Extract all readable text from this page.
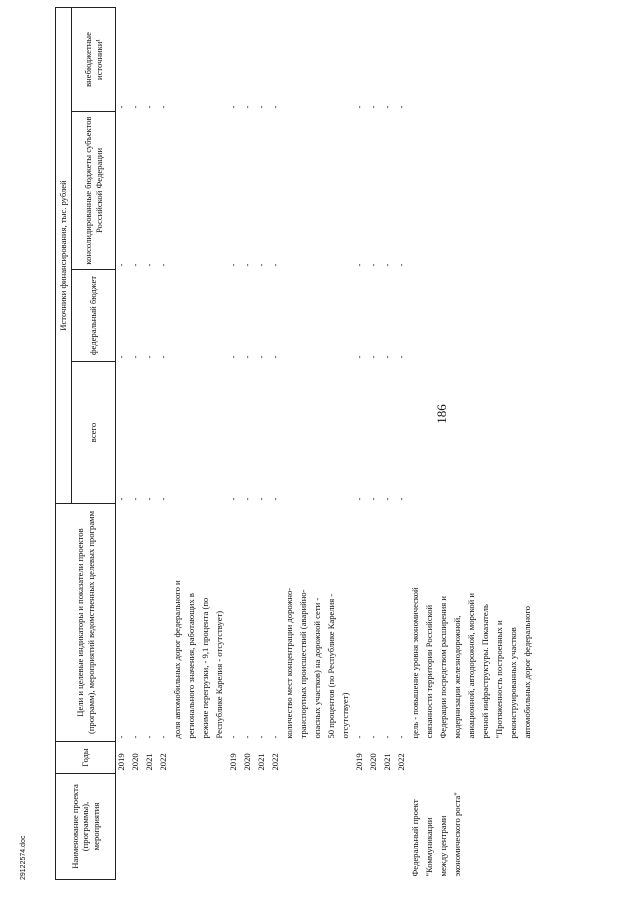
186
Наименование проекта (программы), мероприятия	Годы	Цели и целевые индикаторы и показатели проектов (программ), мероприятий ведомственных целевых программ	Источники финансирования, тыс. рублей			
			всего	федеральный бюджет	консолидированные бюджеты субъектов Российской Федерации	внебюджетные источники¹
	2019	-	-	-	-	-
	2020	-	-	-	-	-
	2021	-	-	-	-	-
	2022	-	-	-	-	-
		доля автомобильных дорог федерального и				
		регионального значения, работающих в				
		режиме перегрузки, - 9,1 процента (по				
		Республике Карелия - отсутствует)				
	2019	-	-	-	-	-
	2020	-	-	-	-	-
	2021	-	-	-	-	-
	2022	-	-	-	-	-
		количество мест концентрации дорожно-				
		транспортных происшествий (аварийно-				
		опасных участков) на дорожной сети -				
		50 процентов (по Республике Карелия -				
		отсутствует)				
	2019	-	-	-	-	-
	2020	-	-	-	-	-
	2021	-	-	-	-	-
	2022	-	-	-	-	-
Федеральный проект		цель - повышение уровня экономической				
"Коммуникации		связанности территории Российской				
между центрами		Федерации посредством расширения и				
экономического роста"		модернизации железнодорожной,				
		авиационной, автодорожной, морской и				
		речной инфраструктуры. Показатель				
		"Протяженность построенных и				
		реконструированных участков				
		автомобильных дорог федерального				
29122574.doc
